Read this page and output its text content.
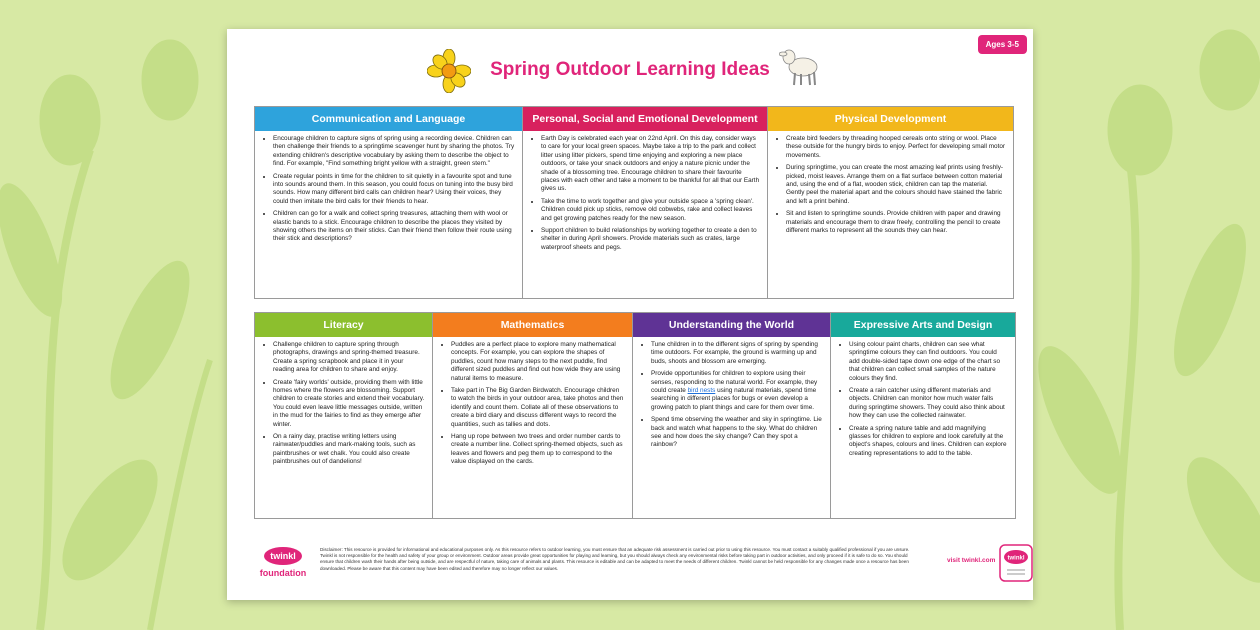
Spring Outdoor Learning Ideas
Ages 3-5
Communication and Language
• Encourage children to capture signs of spring using a recording device. Children can then challenge their friends to a springtime scavenger hunt by sharing the photos. Try extending children's descriptive vocabulary by asking them to describe the object to find. For example, "Find something bright yellow with a straight, green stem."
• Create regular points in time for the children to sit quietly in a favourite spot and tune into sounds around them. In this season, you could focus on tuning into the busy bird sounds. How many different bird calls can children hear? Using their voices, they could then imitate the bird calls for their friends to hear.
• Children can go for a walk and collect spring treasures, attaching them with wool or elastic bands to a stick. Encourage children to describe the places they visited by showing others the items on their sticks. Can their friend then follow their route using their stick and descriptions?
Personal, Social and Emotional Development
• Earth Day is celebrated each year on 22nd April. On this day, consider ways to care for your local green spaces. Maybe take a trip to the park and collect litter using litter pickers, spend time enjoying and exploring a new place outdoors, or take your snack outdoors and enjoy a nature picnic under the shade of a blossoming tree. Encourage children to share their favourite places with each other and take a moment to be thankful for all that our Earth gives us.
• Take the time to work together and give your outside space a 'spring clean'. Children could pick up sticks, remove old cobwebs, rake and collect leaves and get growing patches ready for the new season.
• Support children to build relationships by working together to create a den to shelter in during April showers. Provide materials such as crates, large waterproof sheets and pegs.
Physical Development
• Create bird feeders by threading hooped cereals onto string or wool. Place these outside for the hungry birds to enjoy. Perfect for developing small motor movements.
• During springtime, you can create the most amazing leaf prints using freshly-picked, moist leaves. Arrange them on a flat surface between cotton material and, using the end of a flat, wooden stick, children can tap the material. Gently peel the material apart and the colours should have stained the fabric and left a print behind.
• Sit and listen to springtime sounds. Provide children with paper and drawing materials and encourage them to draw freely, controlling the pencil to create different marks to represent all the sounds they can hear.
Literacy
• Challenge children to capture spring through photographs, drawings and spring-themed treasure. Create a spring scrapbook and place it in your reading area for children to share and enjoy.
• Create 'fairy worlds' outside, providing them with little homes where the flowers are blossoming. Support children to create stories and extend their vocabulary. You could even leave little messages outside, written in the mud for the fairies to find as they emerge after winter.
• On a rainy day, practise writing letters using rainwater/puddles and mark-making tools, such as paintbrushes or wet chalk. You could also create paintbrushes out of dandelions!
Mathematics
• Puddles are a perfect place to explore many mathematical concepts. For example, you can explore the shapes of puddles, count how many steps to the next puddle, find different sized puddles and find out how wide they are using natural items to measure.
• Take part in The Big Garden Birdwatch. Encourage children to watch the birds in your outdoor area, take photos and then identify and count them. Collate all of these observations to create a bird diary and discuss different ways to record the quantities, such as tallies and dots.
• Hang up rope between two trees and order number cards to create a number line. Collect spring-themed objects, such as leaves and flowers and peg them up to correspond to the value displayed on the cards.
Understanding the World
• Tune children in to the different signs of spring by spending time outdoors. For example, the ground is warming up and buds, shoots and blossom are emerging.
• Provide opportunities for children to explore using their senses, responding to the natural world. For example, they could create bird nests using natural materials, spend time searching in different places for bugs or even develop a growing patch to plant things and care for them over time.
• Spend time observing the weather and sky in springtime. Lie back and watch what happens to the sky. What do children see and how does the sky change? Can they spot a rainbow?
Expressive Arts and Design
• Using colour paint charts, children can see what springtime colours they can find outdoors. You could add double-sided tape down one edge of the chart so that children can collect small samples of the nature colours they find.
• Create a rain catcher using different materials and objects. Children can monitor how much water falls during springtime showers. They could also think about how they can use the collected rainwater.
• Create a spring nature table and add magnifying glasses for children to explore and look carefully at the object's shapes, colours and lines. Children can explore creating representations to add to the table.
twinkl
foundation
Disclaimer: This resource is provided for informational and educational purposes only. As this resource refers to outdoor learning, you must ensure that an adequate risk assessment is carried out prior to using this resource. You must contact a suitably qualified professional if you are unsure. Twinkl is not responsible for the health and safety of your group or environment. Outdoor areas provide great opportunities for playing and learning, but you should always check any environmental risks before taking part in outdoor activities, and only proceed if it is safe to do so. You should ensure that children wash their hands after being outside, and are respectful of nature, taking care of animals and plants. This resource is editable and can be adapted to meet the needs of different children. Twinkl cannot be held responsible for any changes made once a resource has been downloaded. Please be aware that this content may have been edited and therefore may no longer reflect our values.
visit twinkl.com twinkl
